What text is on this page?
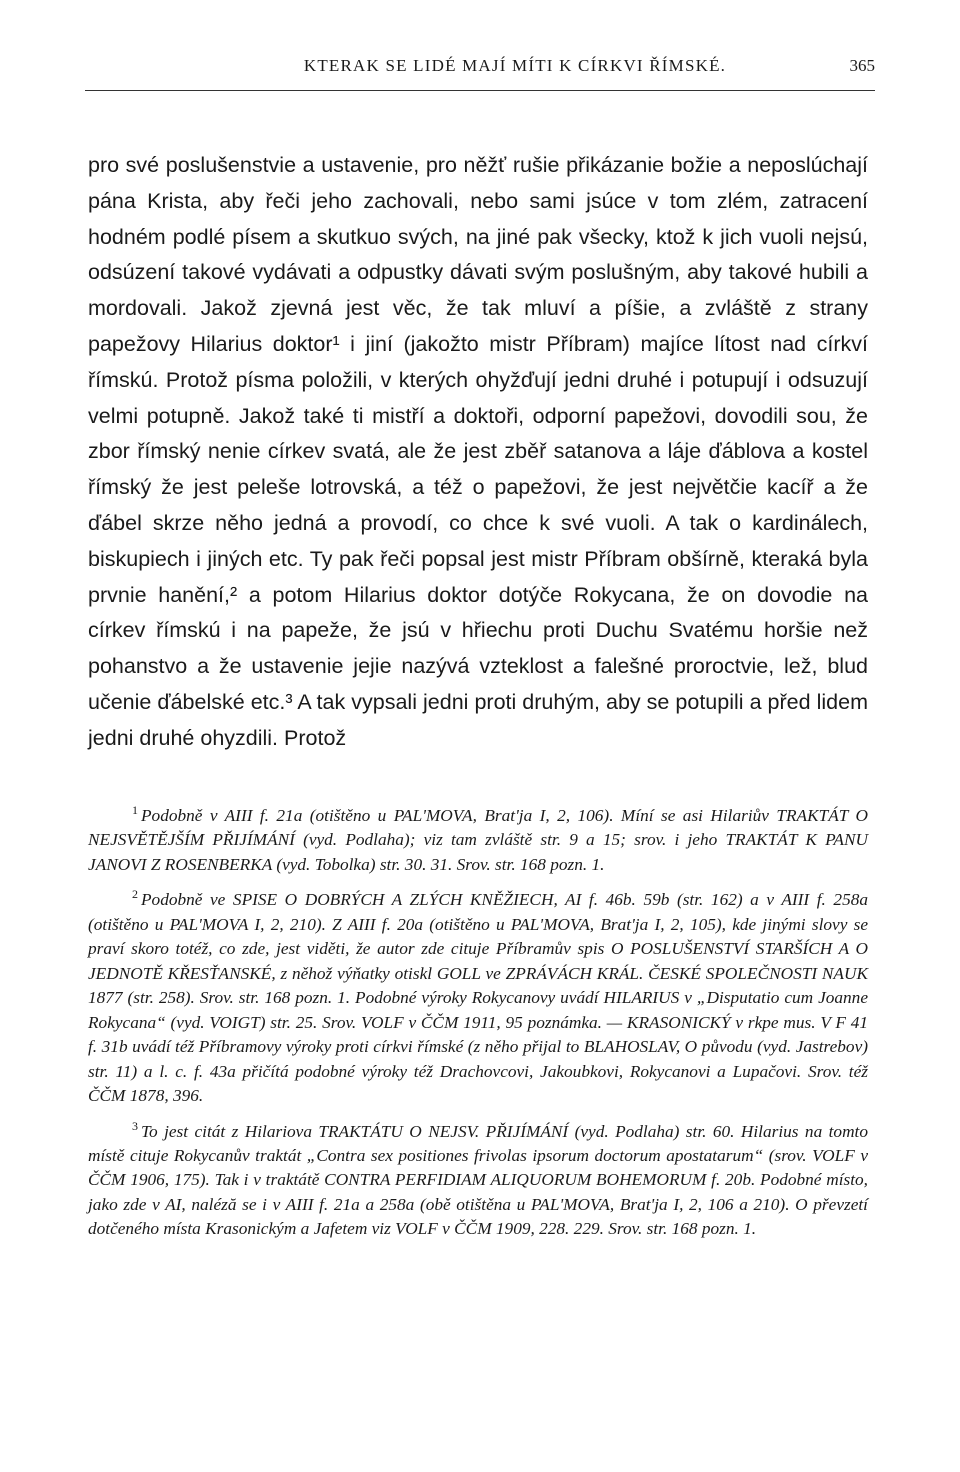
KTERAK SE LIDÉ MAJÍ MÍTI K CÍRKVI ŘÍMSKÉ.	365

pro své poslušenstvie a ustavenie, pro něžť rušie přikázanie božie a neposlúchají pána Krista, aby řeči jeho zachovali, nebo sami jsúce v tom zlém, zatracení hodném podlé písem a skutkuo svých, na jiné pak všecky, ktož k jich vuoli nejsú, odsúzení takové vydávati a odpustky dávati svým poslušným, aby takové hubili a mordovali. Jakož zjevná jest věc, že tak mluví a píšie, a zvláště z strany papežovy Hilarius doktor¹ i jiní (jakožto mistr Příbram) majíce lítost nad církví římskú. Protož písma položili, v kterých ohyžďují jedni druhé i potupují i odsuzují velmi potupně. Jakož také ti mistří a doktoři, odporní papežovi, dovodili sou, že zbor římský nenie církev svatá, ale že jest zběř satanova a láje ďáblova a kostel římský že jest peleše lotrovská, a též o papežovi, že jest největčie kacíř a že ďábel skrze něho jedná a provodí, co chce k své vuoli. A tak o kardinálech, biskupiech i jiných etc. Ty pak řeči popsal jest mistr Příbram obšírně, kteraká byla prvnie hanění,² a potom Hilarius doktor dotýče Rokycana, že on dovodie na církev římskú i na papeže, že jsú v hřiechu proti Duchu Svatému horšie než pohanstvo a že ustavenie jejie nazývá vzteklost a falešné proroctvie, lež, blud učenie ďábelské etc.³ A tak vypsali jedni proti druhým, aby se potupili a před lidem jedni druhé ohyzdili. Protož

$^1$ Podobně v AIII f. 21a (otištěno u PAL'MOVA, Brat'ja I, 2, 106). Míní se asi Hilariův TRAKTÁT O NEJSVĚTĚJŠÍM PŘIJÍMÁNÍ (vyd. Podlaha); viz tam zvláště str. 9 a 15; srov. i jeho TRAKTÁT K PANU JANOVI Z ROSENBERKA (vyd. Tobolka) str. 30. 31. Srov. str. 168 pozn. 1.

$^2$ Podobně ve SPISE O DOBRÝCH A ZLÝCH KNĚŽIECH, AI f. 46b. 59b (str. 162) a v AIII f. 258a (otištěno u PAL'MOVA I, 2, 210). Z AIII f. 20a (otištěno u PAL'MOVA, Brat'ja I, 2, 105), kde jinými slovy se praví skoro totéž, co zde, jest viděti, že autor zde cituje Příbramův spis O POSLUŠENSTVÍ STARŠÍCH A O JEDNOTĚ KŘESŤANSKÉ, z něhož výňatky otiskl GOLL ve ZPRÁVÁCH KRÁL. ČESKÉ SPOLEČNOSTI NAUK 1877 (str. 258). Srov. str. 168 pozn. 1. Podobné výroky Rokycanovy uvádí HILARIUS v „Disputatio cum Joanne Rokycana“ (vyd. VOIGT) str. 25. Srov. VOLF v ČČM 1911, 95 poznámka. — KRASONICKÝ v rkpe mus. V F 41 f. 31b uvádí též Příbramovy výroky proti církvi římské (z něho přijal to BLAHOSLAV, O původu (vyd. Jastrebov) str. 11) a l. c. f. 43a přičítá podobné výroky též Drachovcovi, Jakoubkovi, Rokycanovi a Lupačovi. Srov. též ČČM 1878, 396.

$^3$ To jest citát z Hilariova TRAKTÁTU O NEJSV. PŘIJÍMÁNÍ (vyd. Podlaha) str. 60. Hilarius na tomto místě cituje Rokycanův traktát „Contra sex positiones frivolas ipsorum doctorum apostatarum“ (srov. VOLF v ČČM 1906, 175). Tak i v traktátě CONTRA PERFIDIAM ALIQUORUM BOHEMORUM f. 20b. Podobné místo, jako zde v AI, naléză se i v AIII f. 21a a 258a (obě otištěna u PAL'MOVA, Brat'ja I, 2, 106 a 210). O převzetí dotčeného místa Krasonickým a Jafetem viz VOLF v ČČM 1909, 228. 229. Srov. str. 168 pozn. 1.
